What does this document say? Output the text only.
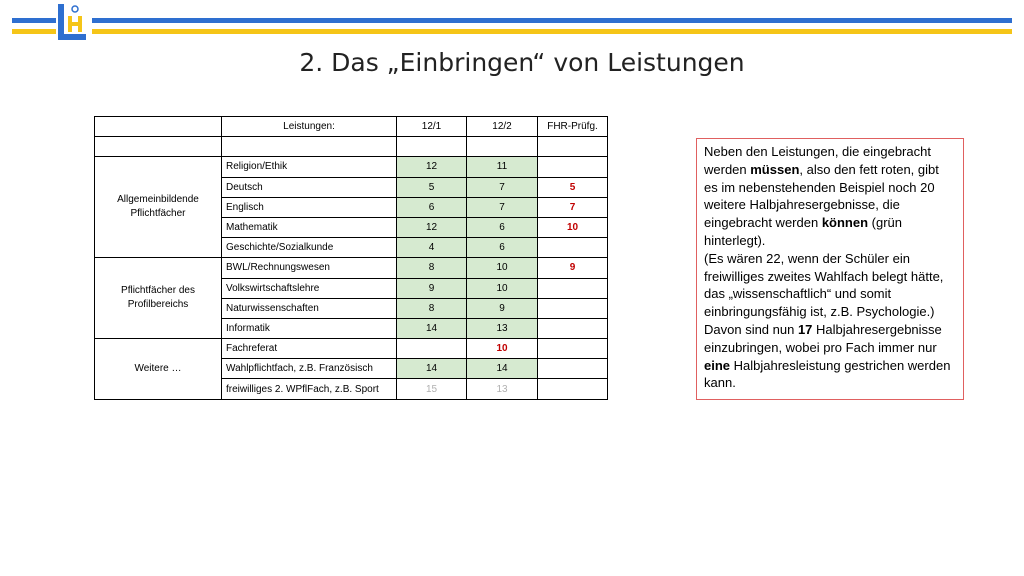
2. Das „Einbringen“ von Leistungen
	Leistungen:	12/1	12/2	FHR-Prüfg.

Allgemeinbildende Pflichtfächer	Religion/Ethik	12	11	
	Deutsch	5	7	5
	Englisch	6	7	7
	Mathematik	12	6	10
	Geschichte/Sozialkunde	4	6	
Pflichtfächer des Profilbereichs	BWL/Rechnungswesen	8	10	9
	Volkswirtschaftslehre	9	10	
	Naturwissenschaften	8	9	
	Informatik	14	13	
Weitere …	Fachreferat		10	
	Wahlpflichtfach, z.B. Französisch	14	14	
	freiwilliges 2. WPflFach, z.B. Sport	15	13	

Neben den Leistungen, die eingebracht werden müssen, also den fett roten, gibt es im nebenstehenden Beispiel noch 20 weitere Halbjahresergebnisse, die eingebracht werden können (grün hinterlegt).

(Es wären 22, wenn der Schüler ein freiwilliges zweites Wahlfach belegt hätte, das „wissenschaftlich“ und somit einbringungsfähig ist, z.B. Psychologie.)

Davon sind nun 17 Halbjahresergebnisse einzubringen, wobei pro Fach immer nur eine Halbjahresleistung gestrichen werden kann.
